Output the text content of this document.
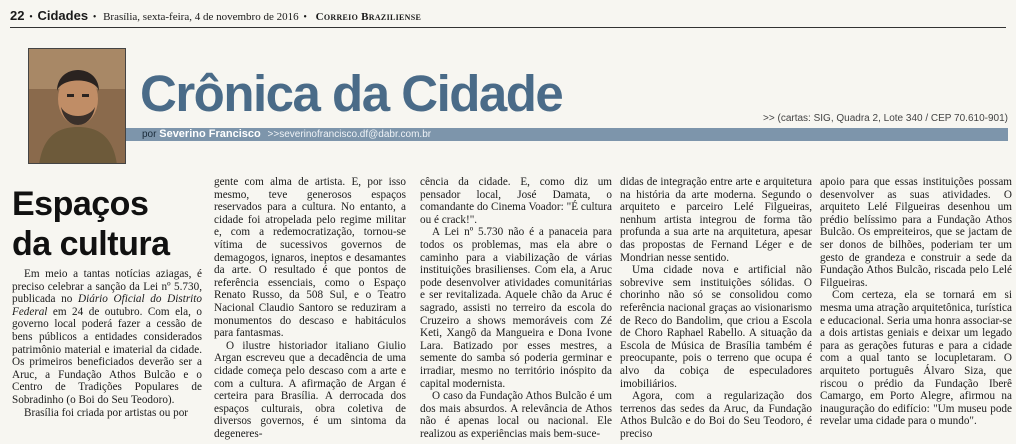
22 • Cidades • Brasília, sexta-feira, 4 de novembro de 2016 • Correio Braziliense
Crônica da Cidade	>> (cartas: SIG, Quadra 2, Lote 340 / CEP 70.610-901)
por Severino Francisco >>severinofrancisco.df@dabr.com.br
Espaços
da cultura

Em meio a tantas notícias aziagas, é preciso celebrar a sanção da Lei nº 5.730, publicada no Diário Oficial do Distrito Federal em 24 de outubro. Com ela, o governo local poderá fazer a cessão de bens públicos a entidades considerados patrimônio material e imaterial da cidade. Os primeiros beneficiados deverão ser a Aruc, a Fundação Athos Bulcão e o Centro de Tradições Populares de Sobradinho (o Boi do Seu Teodoro).

Brasília foi criada por artistas ou por

gente com alma de artista. E, por isso mesmo, teve generosos espaços reservados para a cultura. No entanto, a cidade foi atropelada pelo regime militar e, com a redemocratização, tornou-se vítima de sucessivos governos de demagogos, ignaros, ineptos e desamantes da arte. O resultado é que pontos de referência essenciais, como o Espaço Renato Russo, da 508 Sul, e o Teatro Nacional Claudio Santoro se reduziram a monumentos do descaso e habitáculos para fantasmas.

O ilustre historiador italiano Giulio Argan escreveu que a decadência de uma cidade começa pelo descaso com a arte e com a cultura. A afirmação de Argan é certeira para Brasília. A derrocada dos espaços culturais, obra coletiva de diversos governos, é um sintoma da degeneres-

cência da cidade. E, como diz um pensador local, José Damata, o comandante do Cinema Voador: "É cultura ou é crack!".

A Lei nº 5.730 não é a panaceia para todos os problemas, mas ela abre o caminho para a viabilização de várias instituições brasilienses. Com ela, a Aruc pode desenvolver atividades comunitárias e ser revitalizada. Aquele chão da Aruc é sagrado, assisti no terreiro da escola do Cruzeiro a shows memoráveis com Zé Keti, Xangô da Mangueira e Dona Ivone Lara. Batizado por esses mestres, a semente do samba só poderia germinar e irradiar, mesmo no território inóspito da capital modernista.

O caso da Fundação Athos Bulcão é um dos mais absurdos. A relevância de Athos não é apenas local ou nacional. Ele realizou as experiências mais bem-suce-

didas de integração entre arte e arquitetura na história da arte moderna. Segundo o arquiteto e parceiro Lelé Filgueiras, nenhum artista integrou de forma tão profunda a sua arte na arquitetura, apesar das propostas de Fernand Léger e de Mondrian nesse sentido.

Uma cidade nova e artificial não sobrevive sem instituições sólidas. O chorinho não só se consolidou como referência nacional graças ao visionarismo de Reco do Bandolim, que criou a Escola de Choro Raphael Rabello. A situação da Escola de Música de Brasília também é preocupante, pois o terreno que ocupa é alvo da cobiça de especuladores imobiliários.

Agora, com a regularização dos terrenos das sedes da Aruc, da Fundação Athos Bulcão e do Boi do Seu Teodoro, é preciso

apoio para que essas instituições possam desenvolver as suas atividades. O arquiteto Lelé Filgueiras desenhou um prédio belíssimo para a Fundação Athos Bulcão. Os empreiteiros, que se jactam de ser donos de bilhões, poderiam ter um gesto de grandeza e construir a sede da Fundação Athos Bulcão, riscada pelo Lelé Filgueiras.

Com certeza, ela se tornará em si mesma uma atração arquitetônica, turística e educacional. Seria uma honra associar-se a dois artistas geniais e deixar um legado para as gerações futuras e para a cidade com a qual tanto se locupletaram. O arquiteto português Álvaro Siza, que riscou o prédio da Fundação Iberê Camargo, em Porto Alegre, afirmou na inauguração do edifício: "Um museu pode revelar uma cidade para o mundo".
